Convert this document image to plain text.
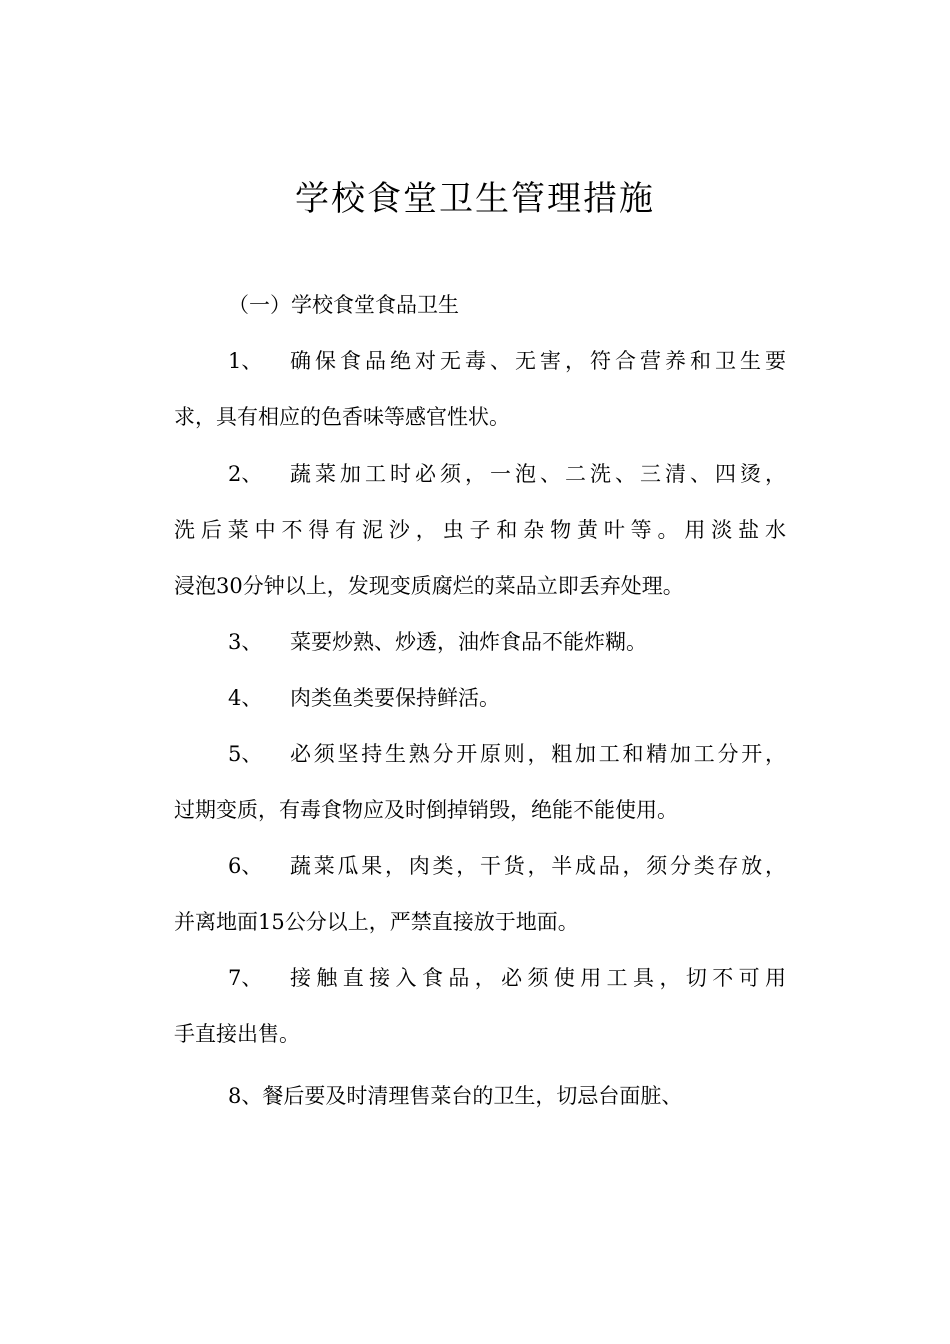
学校食堂卫生管理措施
（一）学校食堂食品卫生
1、 确保食品绝对无毒、无害，符合营养和卫生要
求，具有相应的色香味等感官性状。
2、 蔬菜加工时必须，一泡、二洗、三清、四烫，
洗后菜中不得有泥沙，虫子和杂物黄叶等。用淡盐水
浸泡30分钟以上，发现变质腐烂的菜品立即丢弃处理。
3、 菜要炒熟、炒透，油炸食品不能炸糊。
4、 肉类鱼类要保持鲜活。
5、 必须坚持生熟分开原则，粗加工和精加工分开，
过期变质，有毒食物应及时倒掉销毁，绝能不能使用。
6、 蔬菜瓜果，肉类，干货，半成品，须分类存放，
并离地面15公分以上，严禁直接放于地面。
7、 接触直接入食品，必须使用工具，切不可用
手直接出售。
8、餐后要及时清理售菜台的卫生，切忌台面脏、
